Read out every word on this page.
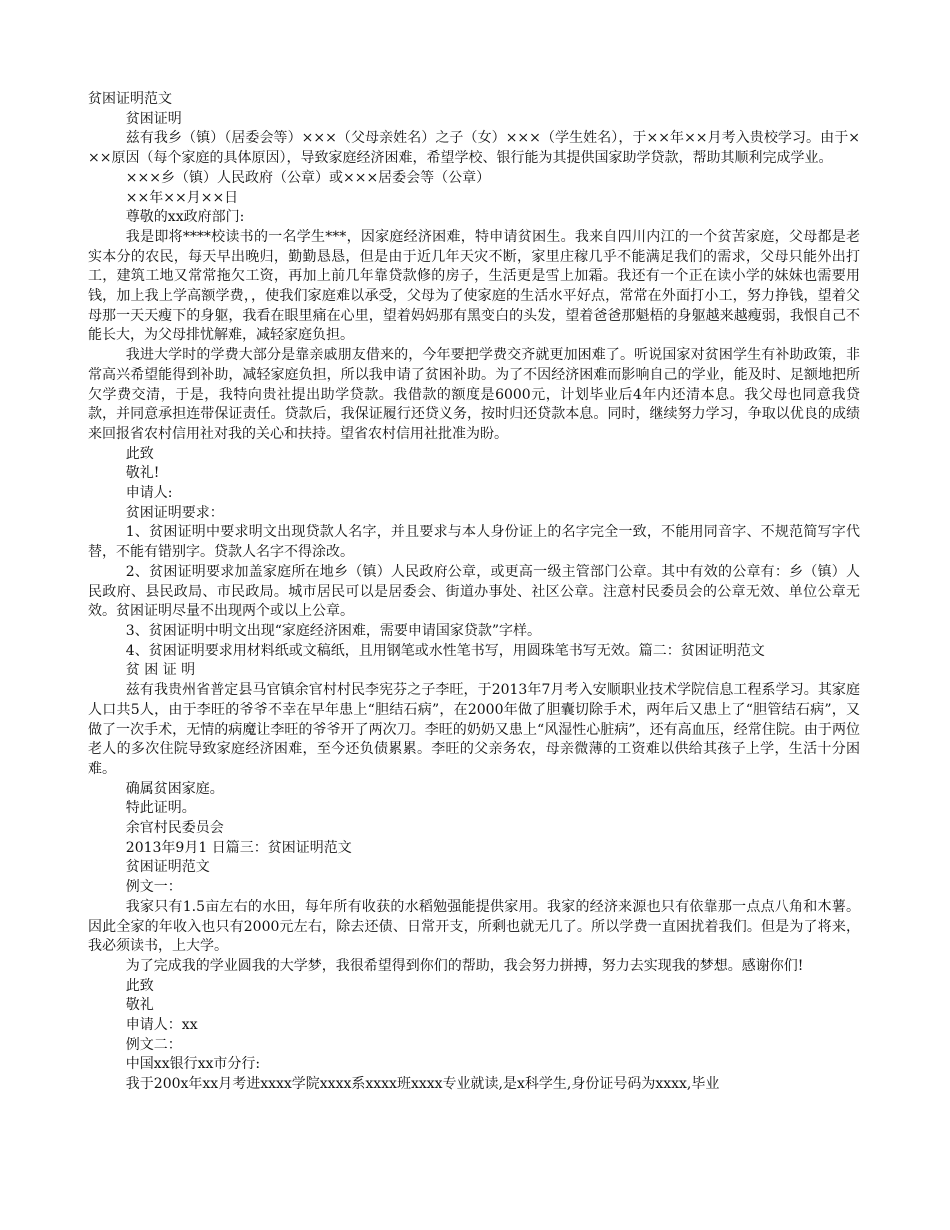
贫困证明范文

贫困证明

兹有我乡（镇）（居委会等）×××（父母亲姓名）之子（女）×××（学生姓名），于××年××月考入贵校学习。由于×××原因（每个家庭的具体原因），导致家庭经济困难，希望学校、银行能为其提供国家助学贷款，帮助其顺利完成学业。

×××乡（镇）人民政府（公章）或×××居委会等（公章）

××年××月××日

尊敬的xx政府部门:

我是即将****校读书的一名学生***，因家庭经济困难，特申请贫困生。我来自四川内江的一个贫苦家庭，父母都是老实本分的农民，每天早出晚归，勤勤恳恳，但是由于近几年天灾不断，家里庄稼几乎不能满足我们的需求，父母只能外出打工，建筑工地又常常拖欠工资，再加上前几年靠贷款修的房子，生活更是雪上加霜。我还有一个正在读小学的妹妹也需要用钱，加上我上学高额学费，，使我们家庭难以承受，父母为了使家庭的生活水平好点，常常在外面打小工，努力挣钱，望着父母那一天天瘦下的身躯，我看在眼里痛在心里，望着妈妈那有黑变白的头发，望着爸爸那魁梧的身躯越来越瘦弱，我恨自己不能长大，为父母排忧解难，减轻家庭负担。

我进大学时的学费大部分是靠亲戚朋友借来的，今年要把学费交齐就更加困难了。听说国家对贫困学生有补助政策，非常高兴希望能得到补助，减轻家庭负担，所以我申请了贫困补助。为了不因经济困难而影响自己的学业，能及时、足额地把所欠学费交清，于是，我特向贵社提出助学贷款。我借款的额度是6000元，计划毕业后4年内还清本息。我父母也同意我贷款，并同意承担连带保证责任。贷款后，我保证履行还贷义务，按时归还贷款本息。同时，继续努力学习，争取以优良的成绩来回报省农村信用社对我的关心和扶持。望省农村信用社批准为盼。

此致

敬礼!

申请人:

贫困证明要求：

1、贫困证明中要求明文出现贷款人名字，并且要求与本人身份证上的名字完全一致，不能用同音字、不规范简写字代替，不能有错别字。贷款人名字不得涂改。

2、贫困证明要求加盖家庭所在地乡（镇）人民政府公章，或更高一级主管部门公章。其中有效的公章有：乡（镇）人民政府、县民政局、市民政局。城市居民可以是居委会、街道办事处、社区公章。注意村民委员会的公章无效、单位公章无效。贫困证明尽量不出现两个或以上公章。

3、贫困证明中明文出现“家庭经济困难，需要申请国家贷款”字样。

4、贫困证明要求用材料纸或文稿纸，且用钢笔或水性笔书写，用圆珠笔书写无效。篇二：贫困证明范文

贫 困 证 明

兹有我贵州省普定县马官镇余官村村民李宪芬之子李旺，于2013年7月考入安顺职业技术学院信息工程系学习。其家庭人口共5人，由于李旺的爷爷不幸在早年患上“胆结石病”，在2000年做了胆囊切除手术，两年后又患上了“胆管结石病”，又做了一次手术，无情的病魔让李旺的爷爷开了两次刀。李旺的奶奶又患上“风湿性心脏病”，还有高血压，经常住院。由于两位老人的多次住院导致家庭经济困难，至今还负债累累。李旺的父亲务农，母亲微薄的工资难以供给其孩子上学，生活十分困难。

确属贫困家庭。

特此证明。

余官村民委员会

2013年9月1 日篇三：贫困证明范文

贫困证明范文

例文一：

我家只有1.5亩左右的水田，每年所有收获的水稻勉强能提供家用。我家的经济来源也只有依靠那一点点八角和木薯。因此全家的年收入也只有2000元左右，除去还债、日常开支，所剩也就无几了。所以学费一直困扰着我们。但是为了将来，我必须读书，上大学。

为了完成我的学业圆我的大学梦，我很希望得到你们的帮助，我会努力拼搏，努力去实现我的梦想。感谢你们!

此致

敬礼

申请人：xx

例文二：

中国xx银行xx市分行:

我于200x年xx月考进xxxx学院xxxx系xxxx班xxxx专业就读,是x科学生,身份证号码为xxxx,毕业
